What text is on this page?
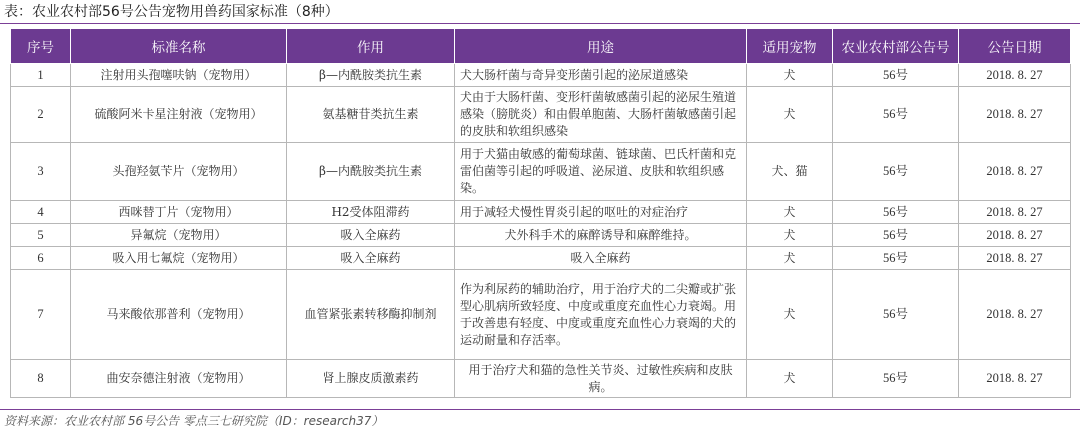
表：农业农村部56号公告宠物用兽药国家标准（8种）
序号	标准名称	作用	用途	适用宠物	农业农村部公告号	公告日期
1	注射用头孢噻呋钠（宠物用）	β—内酰胺类抗生素	犬大肠杆菌与奇异变形菌引起的泌尿道感染	犬	56号	2018. 8. 27
2	硫酸阿米卡星注射液（宠物用）	氨基糖苷类抗生素	犬由于大肠杆菌、变形杆菌敏感菌引起的泌尿生殖道感染（膀胱炎）和由假单胞菌、大肠杆菌敏感菌引起的皮肤和软组织感染	犬	56号	2018. 8. 27
3	头孢羟氨苄片（宠物用）	β—内酰胺类抗生素	用于犬猫由敏感的葡萄球菌、链球菌、巴氏杆菌和克雷伯菌等引起的呼吸道、泌尿道、皮肤和软组织感染。	犬、猫	56号	2018. 8. 27
4	西咪替丁片（宠物用）	H2受体阻滞药	用于减轻犬慢性胃炎引起的呕吐的对症治疗	犬	56号	2018. 8. 27
5	异氟烷（宠物用）	吸入全麻药	犬外科手术的麻醉诱导和麻醉维持。	犬	56号	2018. 8. 27
6	吸入用七氟烷（宠物用）	吸入全麻药	吸入全麻药	犬	56号	2018. 8. 27
7	马来酸依那普利（宠物用）	血管紧张素转移酶抑制剂	作为利尿药的辅助治疗，用于治疗犬的二尖瓣或扩张型心肌病所致轻度、中度或重度充血性心力衰竭。用于改善患有轻度、中度或重度充血性心力衰竭的犬的运动耐量和存活率。	犬	56号	2018. 8. 27
8	曲安奈德注射液（宠物用）	肾上腺皮质激素药	用于治疗犬和猫的急性关节炎、过敏性疾病和皮肤病。	犬	56号	2018. 8. 27
资料来源：农业农村部 56号公告 零点三七研究院（ID：research37）
